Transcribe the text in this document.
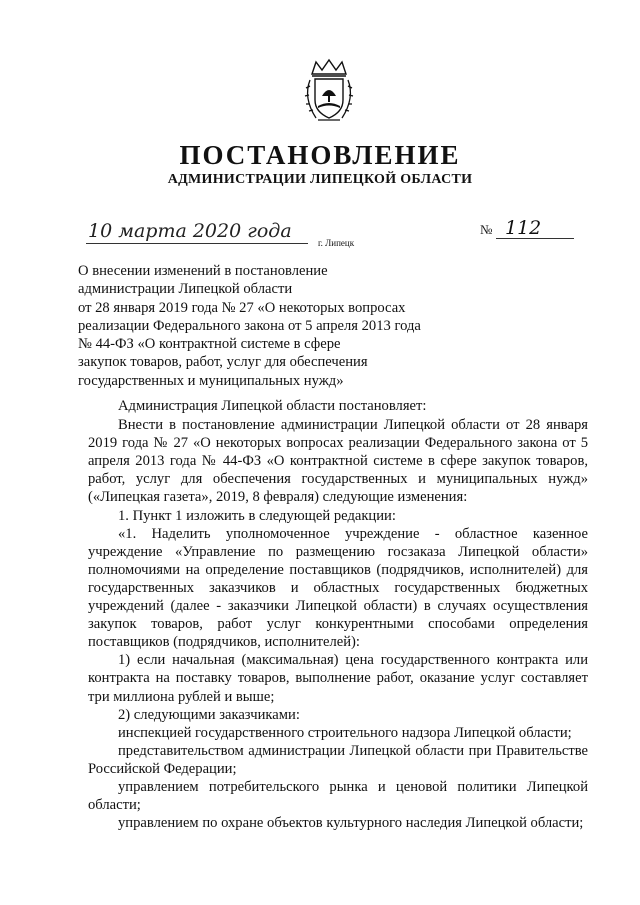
ПОСТАНОВЛЕНИЕ
АДМИНИСТРАЦИИ ЛИПЕЦКОЙ ОБЛАСТИ
10 марта 2020 года
г. Липецк
№ 112
О внесении изменений в постановление
администрации Липецкой области
от 28 января 2019 года № 27 «О некоторых вопросах
реализации Федерального закона от 5 апреля 2013 года
№ 44-ФЗ «О контрактной системе в сфере
закупок товаров, работ, услуг для обеспечения
государственных и муниципальных нужд»
Администрация Липецкой области постановляет:
Внести в постановление администрации Липецкой области от 28 января 2019 года № 27 «О некоторых вопросах реализации Федерального закона от 5 апреля 2013 года № 44-ФЗ «О контрактной системе в сфере закупок товаров, работ, услуг для обеспечения государственных и муниципальных нужд» («Липецкая газета», 2019, 8 февраля) следующие изменения:
1. Пункт 1 изложить в следующей редакции:
«1. Наделить уполномоченное учреждение - областное казенное учреждение «Управление по размещению госзаказа Липецкой области» полномочиями на определение поставщиков (подрядчиков, исполнителей) для государственных заказчиков и областных государственных бюджетных учреждений (далее - заказчики Липецкой области) в случаях осуществления закупок товаров, работ услуг конкурентными способами определения поставщиков (подрядчиков, исполнителей):
1) если начальная (максимальная) цена государственного контракта или контракта на поставку товаров, выполнение работ, оказание услуг составляет три миллиона рублей и выше;
2) следующими заказчиками:
инспекцией государственного строительного надзора Липецкой области;
представительством администрации Липецкой области при Правительстве Российской Федерации;
управлением потребительского рынка и ценовой политики Липецкой области;
управлением по охране объектов культурного наследия Липецкой области;
